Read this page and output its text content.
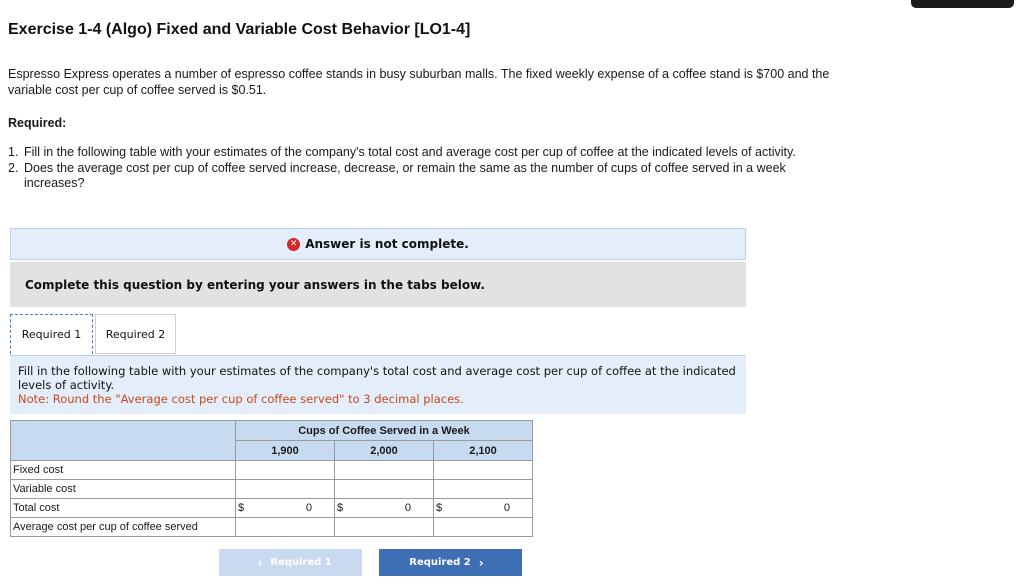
Exercise 1-4 (Algo) Fixed and Variable Cost Behavior [LO1-4]
Espresso Express operates a number of espresso coffee stands in busy suburban malls. The fixed weekly expense of a coffee stand is $700 and the variable cost per cup of coffee served is $0.51.
Required:
1. Fill in the following table with your estimates of the company's total cost and average cost per cup of coffee at the indicated levels of activity.
2. Does the average cost per cup of coffee served increase, decrease, or remain the same as the number of cups of coffee served in a week increases?
✕ Answer is not complete.
Complete this question by entering your answers in the tabs below.
Required 1	Required 2
Fill in the following table with your estimates of the company's total cost and average cost per cup of coffee at the indicated levels of activity.
Note: Round the "Average cost per cup of coffee served" to 3 decimal places.
	Cups of Coffee Served in a Week		
	1,900	2,000	2,100
Fixed cost			
Variable cost			
Total cost	$ 0	$ 0	$ 0

Average cost per cup of coffee served			
‹ Required 1	Required 2 ›
